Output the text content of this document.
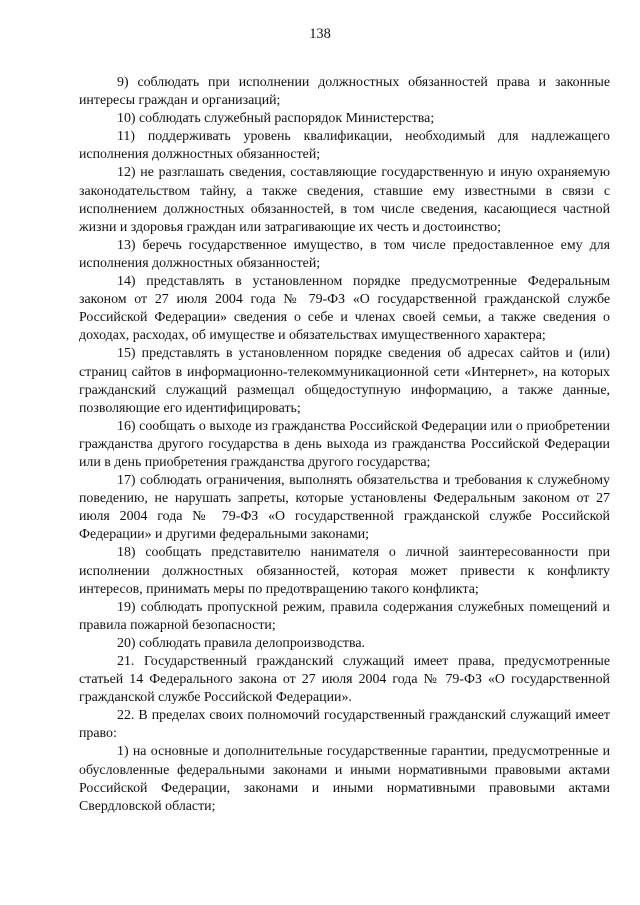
138

9) соблюдать при исполнении должностных обязанностей права и законные интересы граждан и организаций;

10) соблюдать служебный распорядок Министерства;

11) поддерживать уровень квалификации, необходимый для надлежащего исполнения должностных обязанностей;

12) не разглашать сведения, составляющие государственную и иную охраняемую законодательством тайну, а также сведения, ставшие ему известными в связи с исполнением должностных обязанностей, в том числе сведения, касающиеся частной жизни и здоровья граждан или затрагивающие их честь и достоинство;

13) беречь государственное имущество, в том числе предоставленное ему для исполнения должностных обязанностей;

14) представлять в установленном порядке предусмотренные Федеральным законом от 27 июля 2004 года № 79-ФЗ «О государственной гражданской службе Российской Федерации» сведения о себе и членах своей семьи, а также сведения о доходах, расходах, об имуществе и обязательствах имущественного характера;

15) представлять в установленном порядке сведения об адресах сайтов и (или) страниц сайтов в информационно-телекоммуникационной сети «Интернет», на которых гражданский служащий размещал общедоступную информацию, а также данные, позволяющие его идентифицировать;

16) сообщать о выходе из гражданства Российской Федерации или о приобретении гражданства другого государства в день выхода из гражданства Российской Федерации или в день приобретения гражданства другого государства;

17) соблюдать ограничения, выполнять обязательства и требования к служебному поведению, не нарушать запреты, которые установлены Федеральным законом от 27 июля 2004 года № 79-ФЗ «О государственной гражданской службе Российской Федерации» и другими федеральными законами;

18) сообщать представителю нанимателя о личной заинтересованности при исполнении должностных обязанностей, которая может привести к конфликту интересов, принимать меры по предотвращению такого конфликта;

19) соблюдать пропускной режим, правила содержания служебных помещений и правила пожарной безопасности;

20) соблюдать правила делопроизводства.

21. Государственный гражданский служащий имеет права, предусмотренные статьей 14 Федерального закона от 27 июля 2004 года № 79-ФЗ «О государственной гражданской службе Российской Федерации».

22. В пределах своих полномочий государственный гражданский служащий имеет право:

1) на основные и дополнительные государственные гарантии, предусмотренные и обусловленные федеральными законами и иными нормативными правовыми актами Российской Федерации, законами и иными нормативными правовыми актами Свердловской области;
